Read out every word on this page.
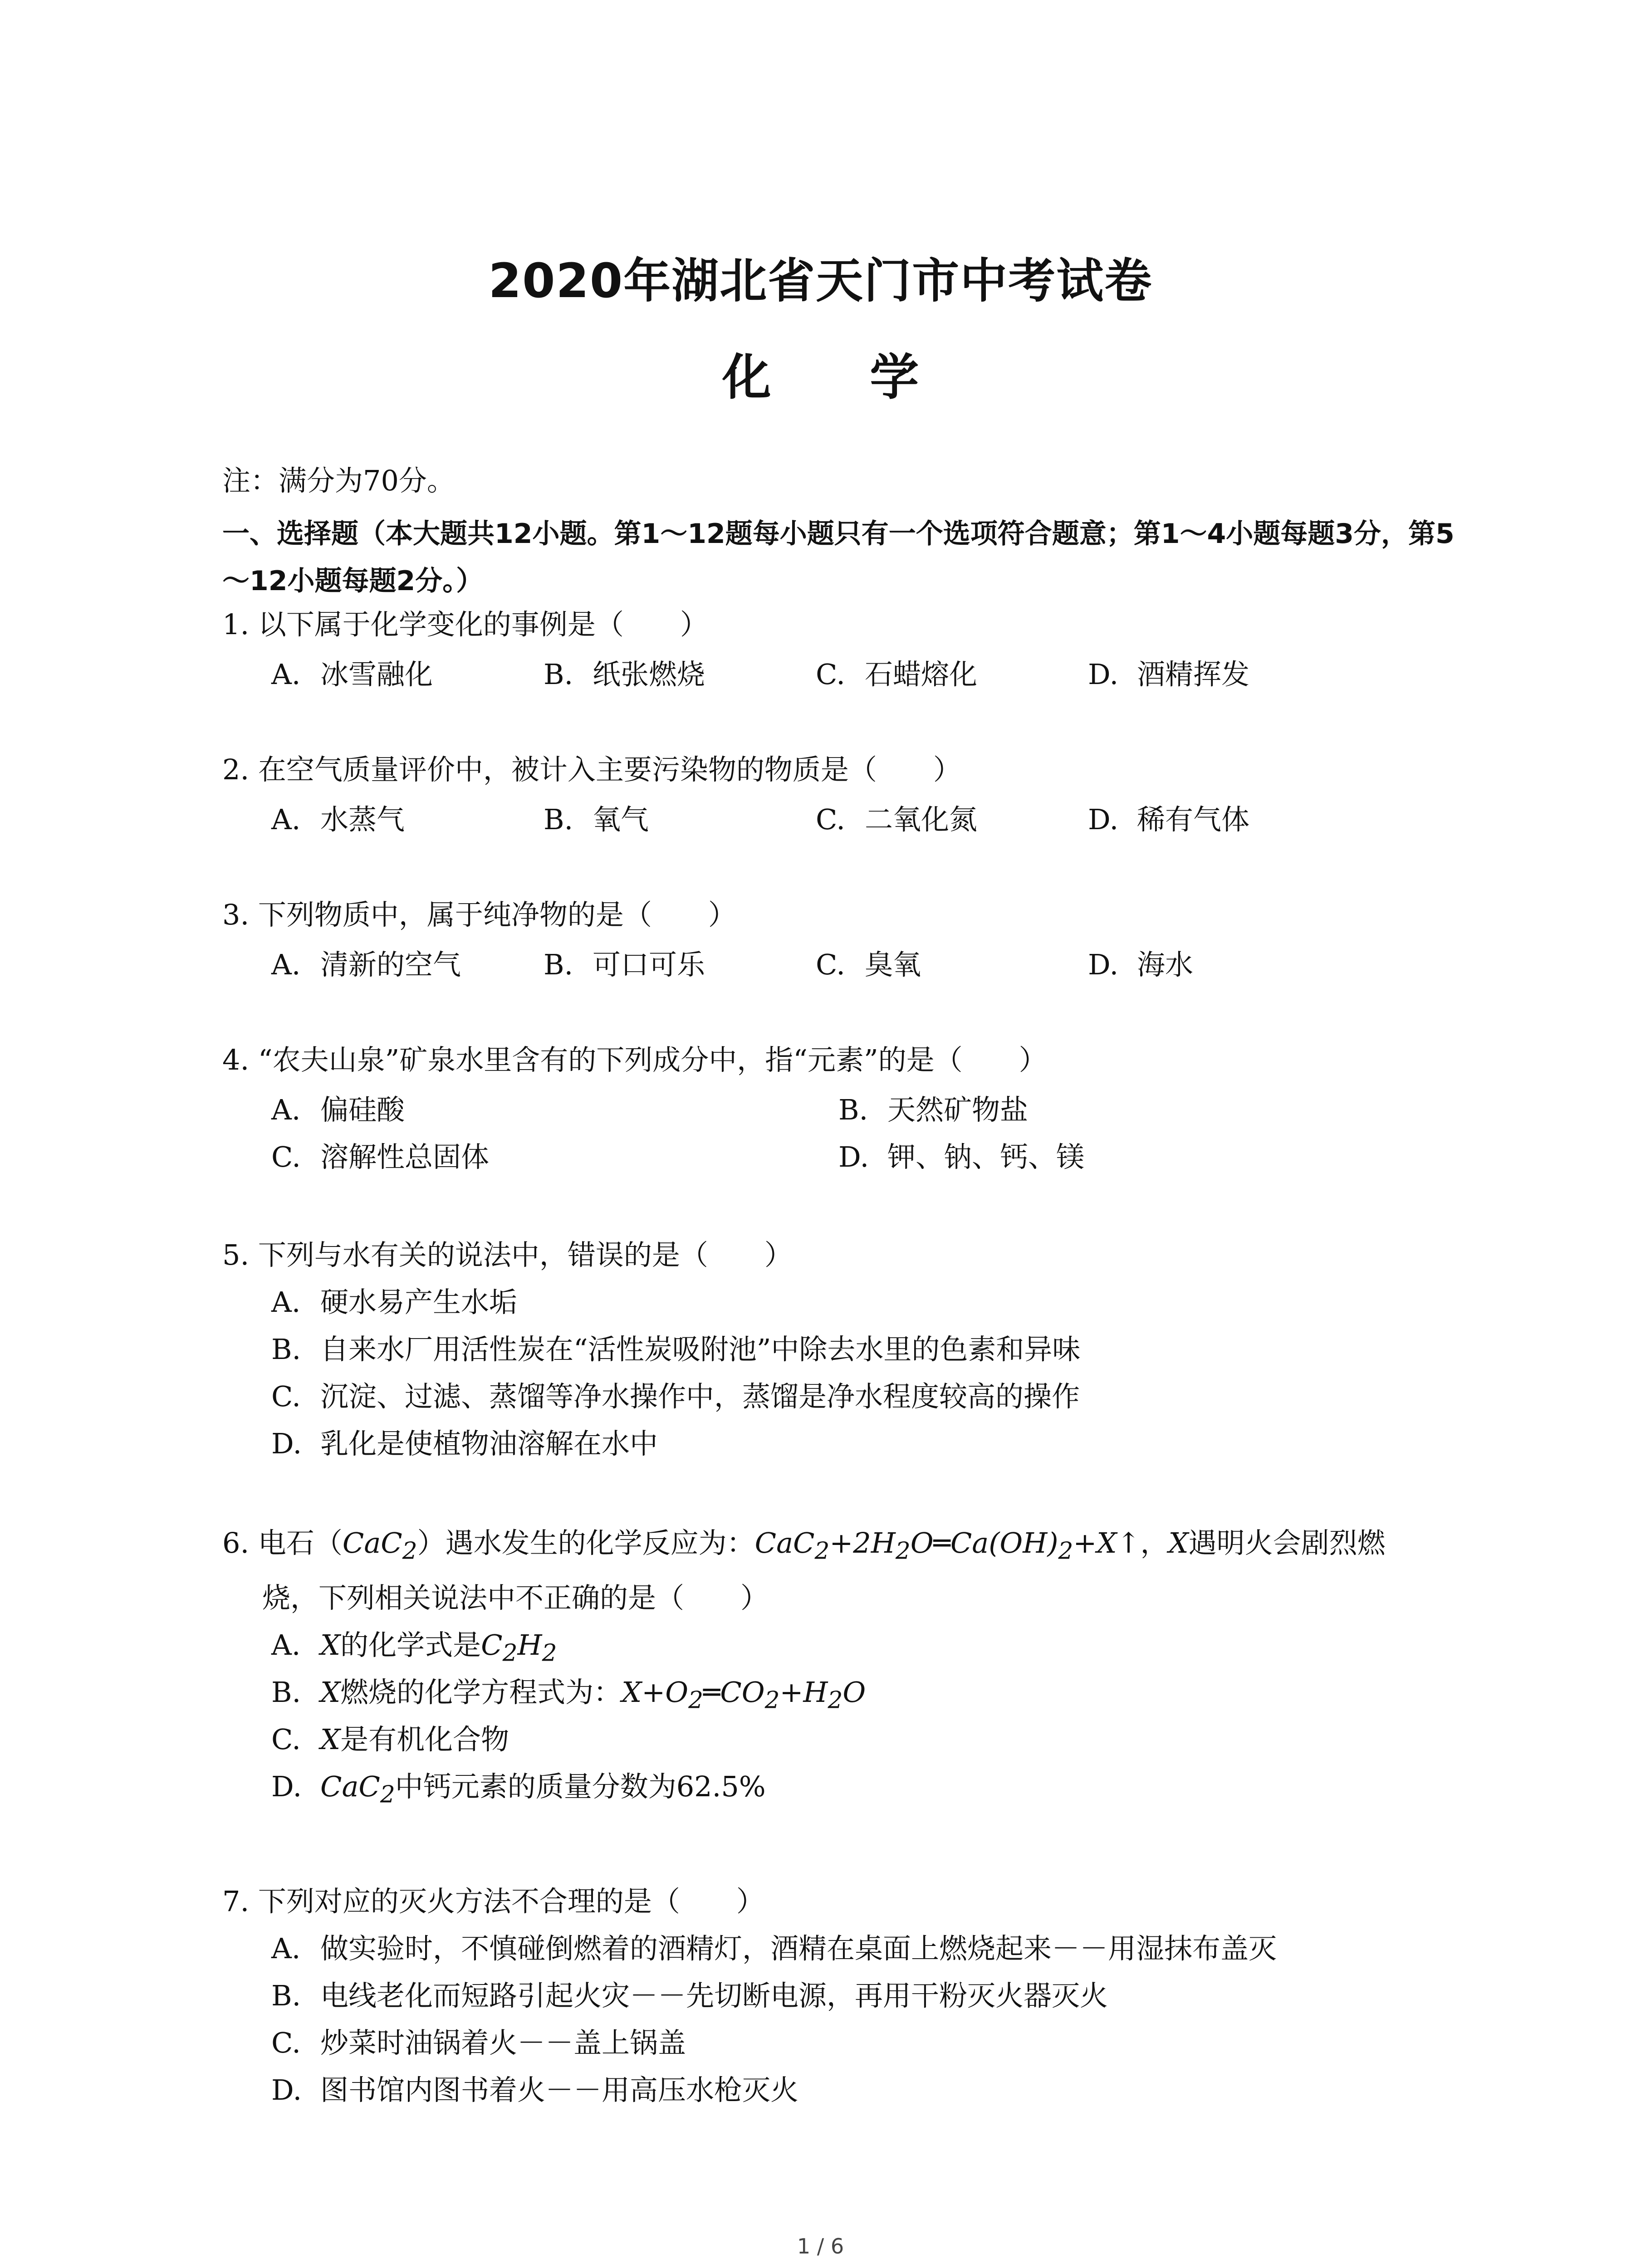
2020年湖北省天门市中考试卷
化 学
注：满分为70分。
一、选择题（本大题共12小题。第1～12题每小题只有一个选项符合题意；第1～4小题每题3分，第5～12小题每题2分。）
1. 以下属于化学变化的事例是（　　）
A. 冰雪融化	B. 纸张燃烧	C. 石蜡熔化	D. 酒精挥发
2. 在空气质量评价中，被计入主要污染物的物质是（　　）
A. 水蒸气	B. 氧气	C. 二氧化氮	D. 稀有气体
3. 下列物质中，属于纯净物的是（　　）
A. 清新的空气	B. 可口可乐	C. 臭氧	D. 海水
4. “农夫山泉”矿泉水里含有的下列成分中，指“元素”的是（　　）
A. 偏硅酸	B. 天然矿物盐
C. 溶解性总固体	D. 钾、钠、钙、镁
5. 下列与水有关的说法中，错误的是（　　）
A. 硬水易产生水垢
B. 自来水厂用活性炭在“活性炭吸附池”中除去水里的色素和异味
C. 沉淀、过滤、蒸馏等净水操作中，蒸馏是净水程度较高的操作
D. 乳化是使植物油溶解在水中
6. 电石（CaC$_2$）遇水发生的化学反应为：$CaC_2+2H_2O═Ca(OH)_2+X↑$，X遇明火会剧烈燃
烧，下列相关说法中不正确的是（　　）
A. X的化学式是$C_2H_2$
B. X燃烧的化学方程式为：$X+O_2═CO_2+H_2O$
C. X是有机化合物
D. CaC$_2$中钙元素的质量分数为62.5%
7. 下列对应的灭火方法不合理的是（　　）
A. 做实验时，不慎碰倒燃着的酒精灯，酒精在桌面上燃烧起来－－用湿抹布盖灭
B. 电线老化而短路引起火灾－－先切断电源，再用干粉灭火器灭火
C. 炒菜时油锅着火－－盖上锅盖
D. 图书馆内图书着火－－用高压水枪灭火
1 / 6
